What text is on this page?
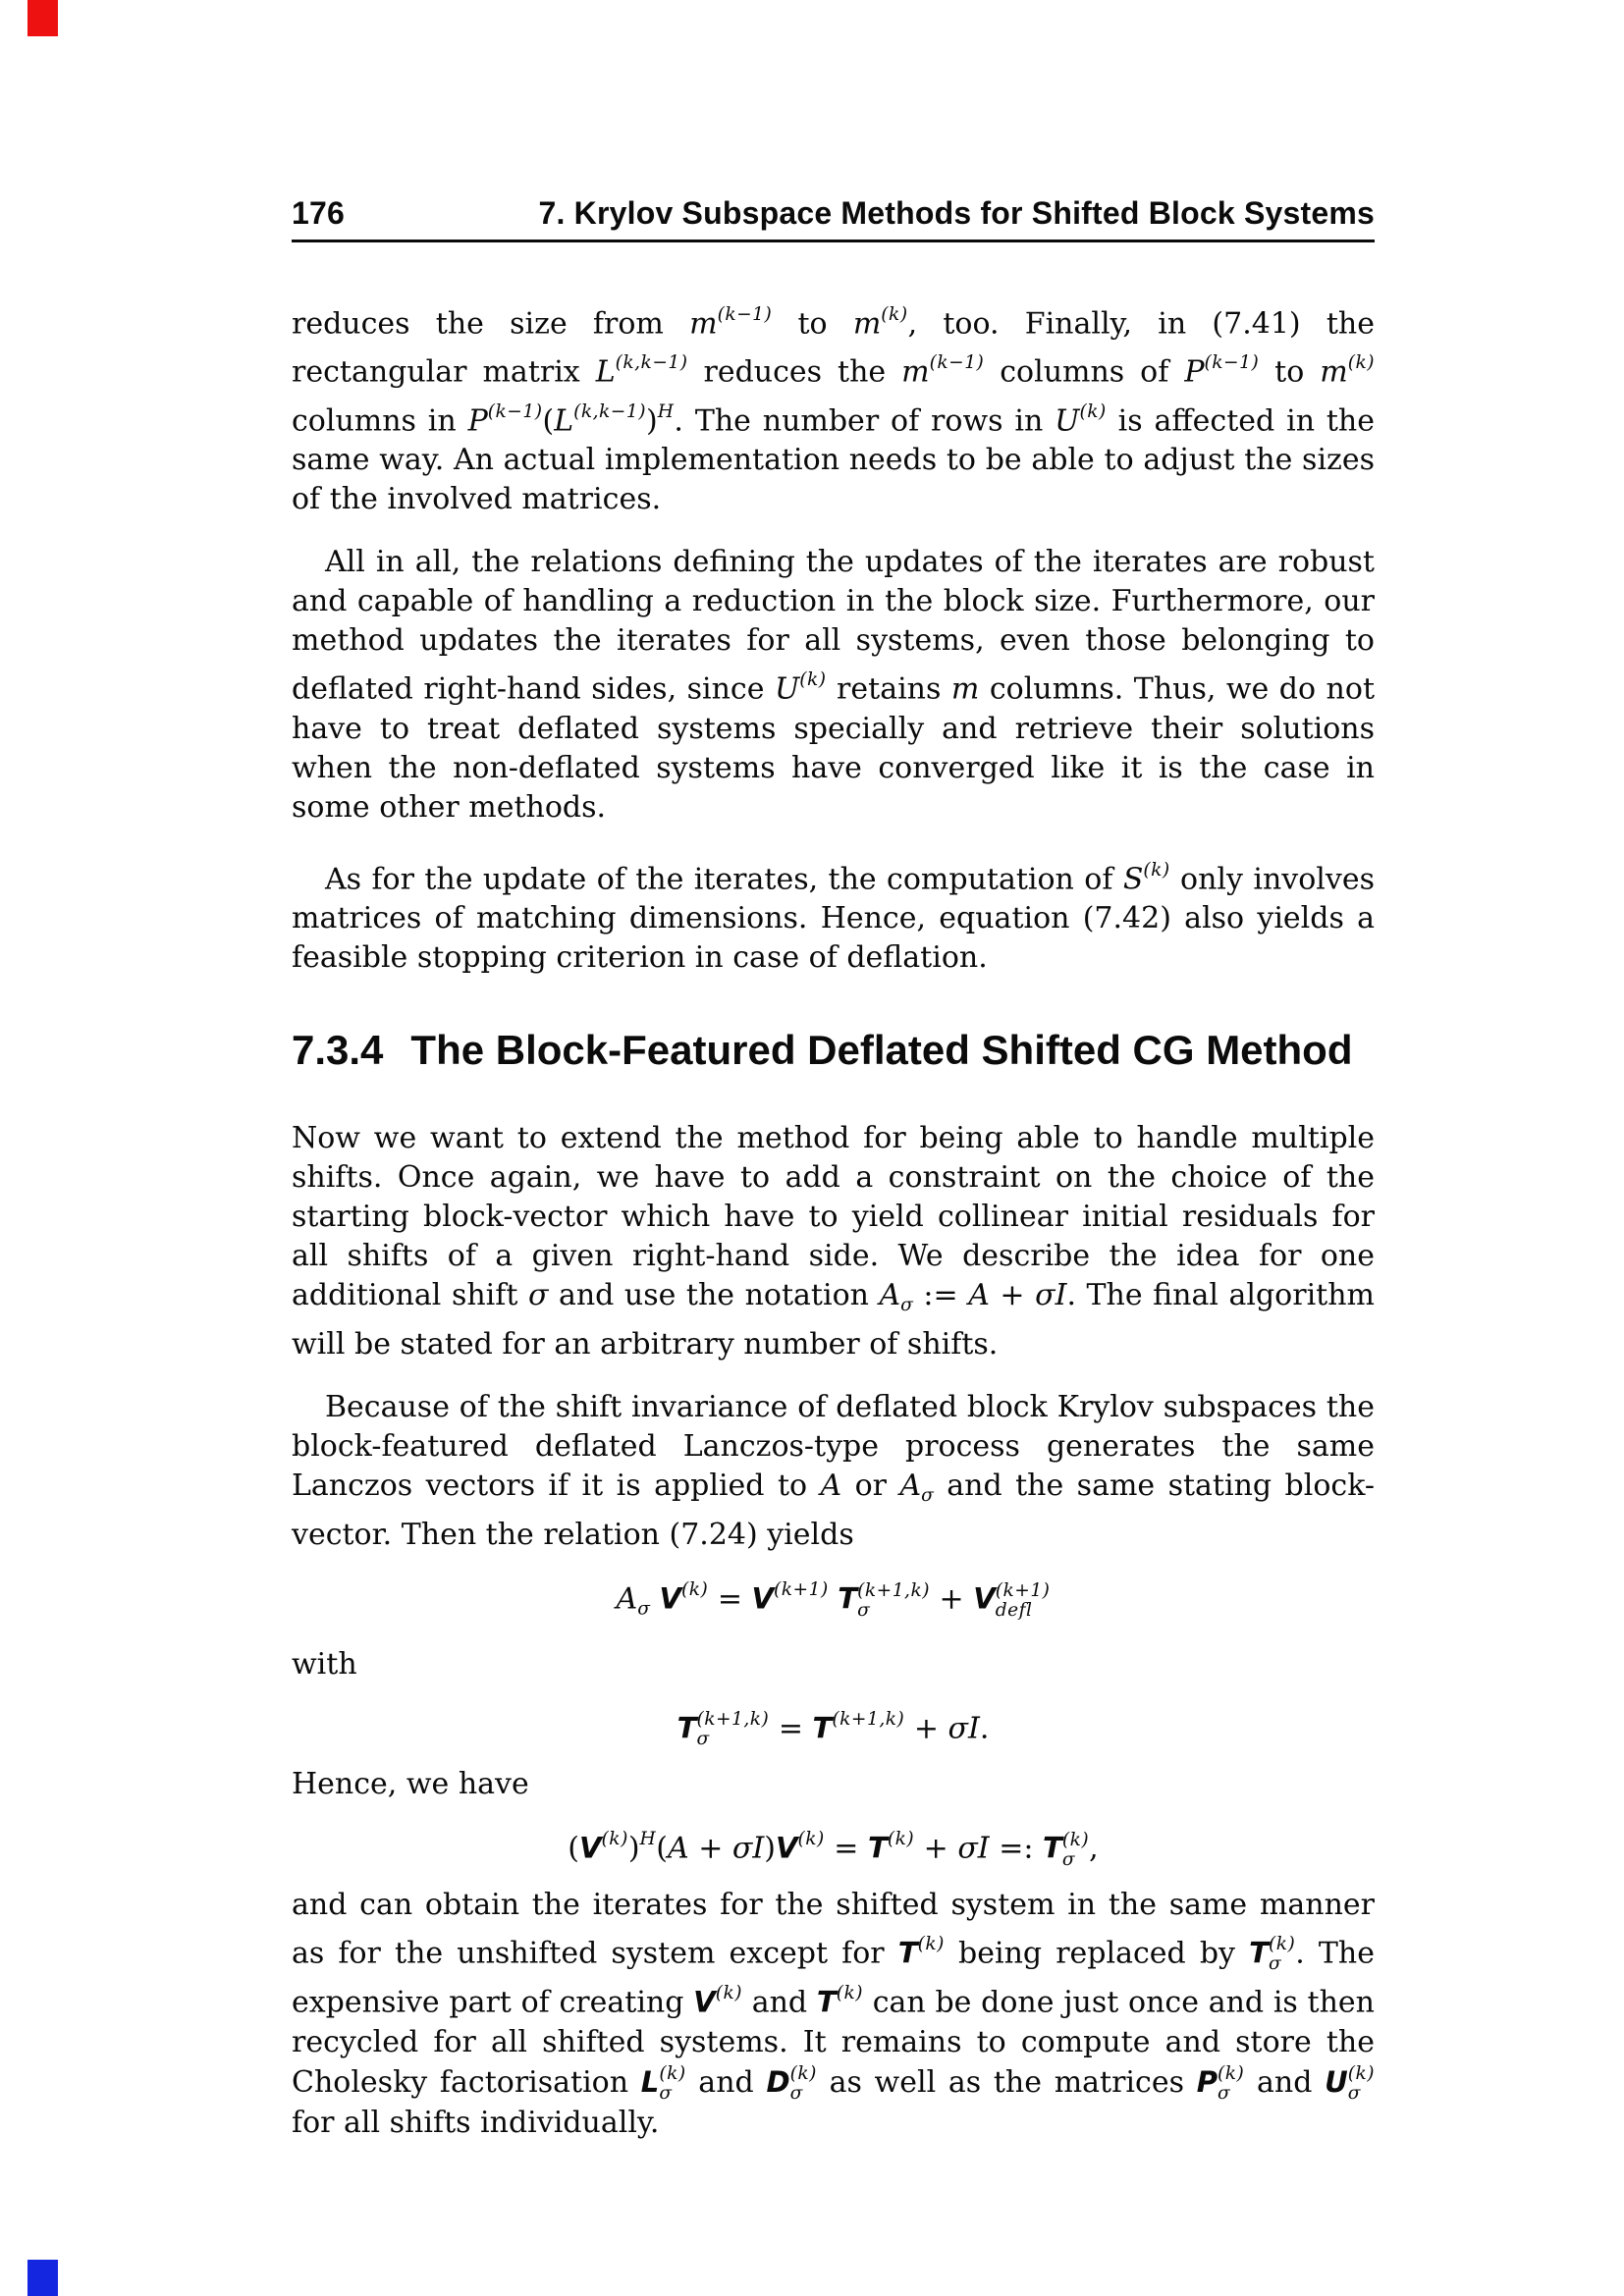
176	7. Krylov Subspace Methods for Shifted Block Systems

reduces the size from $m^{(k-1)}$ to $m^{(k)}$, too. Finally, in (7.41) the rectangular matrix $L^{(k,k-1)}$ reduces the $m^{(k-1)}$ columns of $P^{(k-1)}$ to $m^{(k)}$ columns in $P^{(k-1)}(L^{(k,k-1)})^H$. The number of rows in $U^{(k)}$ is affected in the same way. An actual implementation needs to be able to adjust the sizes of the involved matrices.

All in all, the relations defining the updates of the iterates are robust and capable of handling a reduction in the block size. Furthermore, our method updates the iterates for all systems, even those belonging to deflated right-hand sides, since $U^{(k)}$ retains m columns. Thus, we do not have to treat deflated systems specially and retrieve their solutions when the non-deflated systems have converged like it is the case in some other methods.

As for the update of the iterates, the computation of $S^{(k)}$ only involves matrices of matching dimensions. Hence, equation (7.42) also yields a feasible stopping criterion in case of deflation.

7.3.4 The Block-Featured Deflated Shifted CG Method

Now we want to extend the method for being able to handle multiple shifts. Once again, we have to add a constraint on the choice of the starting block-vector which have to yield collinear initial residuals for all shifts of a given right-hand side. We describe the idea for one additional shift σ and use the notation $A_\sigma$ := A + σI. The final algorithm will be stated for an arbitrary number of shifts.

Because of the shift invariance of deflated block Krylov subspaces the block-featured deflated Lanczos-type process generates the same Lanczos vectors if it is applied to A or $A_\sigma$ and the same stating block-vector. Then the relation (7.24) yields

$A_\sigma$ $V^{(k)} = V^{(k+1)}$ T (k+1,k)
σ + V (k+1)
defl

with

T (k+1,k)
$\sigma = T^{(k+1,k)} + \sigma I$.

Hence, we have

$(V^{(k)})^H(A + \sigma I)V^{(k)} = T^{(k)} + \sigma I$ =: T (k)
σ ,

and can obtain the iterates for the shifted system in the same manner as for the unshifted system except for $T^{(k)}$ being replaced by T (k)
σ . The expensive part of creating $V^{(k)}$ and $T^{(k)}$ can be done just once and is then recycled for all shifted systems. It remains to compute and store the Cholesky factorisation L (k)
σ and D (k)
σ as well as the matrices P (k)
σ and U (k)
σ
for all shifts individually.
